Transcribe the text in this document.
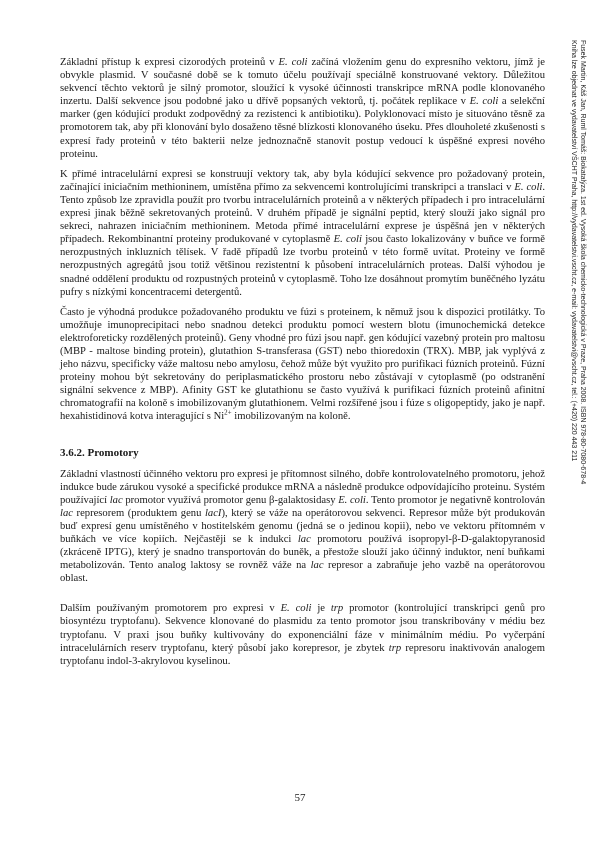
Základní přístup k expresi cizorodých proteinů v E. coli začíná vložením genu do expresního vektoru, jímž je obvykle plasmid. V současné době se k tomuto účelu používají speciálně konstruované vektory. Důležitou sekvencí těchto vektorů je silný promotor, sloužící k vysoké účinnosti transkripce mRNA podle klonovaného inzertu. Další sekvence jsou podobné jako u dřívě popsaných vektorů, tj. počátek replikace v E. coli a selekční marker (gen kódující produkt zodpovědný za rezistenci k antibiotiku). Polyklonovací místo je situováno těsně za promotorem tak, aby při klonování bylo dosaženo těsné blízkosti klonovaného úseku. Přes dlouholeté zkušenosti s expresí řady proteinů v této bakterii nelze jednoznačně stanovit postup vedoucí k úspěšné expresi nového proteinu.

K přímé intracelulární expresi se konstruují vektory tak, aby byla kódující sekvence pro požadovaný protein, začínající iniciačním methioninem, umístěna přímo za sekvencemi kontrolujícími transkripci a translaci v E. coli. Tento způsob lze zpravidla použít pro tvorbu intracelulárních proteinů a v některých případech i pro intracelulární expresi jinak běžně sekretovaných proteinů. V druhém případě je signální peptid, který slouží jako signál pro sekreci, nahrazen iniciačním methioninem. Metoda přímé intracelulární exprese je úspěšná jen v některých případech. Rekombinantní proteiny produkované v cytoplasmě E. coli jsou často lokalizovány v buňce ve formě nerozpustných inkluzních tělísek. V řadě případů lze tvorbu proteinů v této formě uvítat. Proteiny ve formě nerozpustných agregátů jsou totiž většinou rezistentní k působení intracelulárních proteas. Další výhodou je snadné oddělení produktu od rozpustných proteinů v cytoplasmě. Toho lze dosáhnout promytím buněčného lyzátu pufry s nízkými koncentracemi detergentů.

Často je výhodná produkce požadovaného produktu ve fúzi s proteinem, k němuž jsou k dispozici protilátky. To umožňuje imunoprecipitaci nebo snadnou detekci produktu pomocí western blotu (imunochemická detekce elektroforeticky rozdělených proteinů). Geny vhodné pro fúzi jsou např. gen kódující vazebný protein pro maltosu (MBP - maltose binding protein), glutathion S-transferasa (GST) nebo thioredoxin (TRX). MBP, jak vyplývá z jeho názvu, specificky váže maltosu nebo amylosu, čehož může být využito pro purifikaci fúzních proteinů. Fúzní proteiny mohou být sekretovány do periplasmatického prostoru nebo zůstávají v cytoplasmě (po odstranění signální sekvence z MBP). Afinity GST ke glutathionu se často využívá k purifikaci fúzních proteinů afinitní chromatografií na koloně s imobilizovaným glutathionem. Velmi rozšířené jsou i fúze s oligopeptidy, jako je např. hexahistidinová kotva interagující s $Ni^{2+}$ imobilizovaným na koloně.

3.6.2. Promotory

Základní vlastností účinného vektoru pro expresi je přítomnost silného, dobře kontrolovatelného promotoru, jehož indukce bude zárukou vysoké a specifické produkce mRNA a následně produkce odpovídajícího proteinu. Systém používající lac promotor využívá promotor genu β-galaktosidasy E. coli. Tento promotor je negativně kontrolován lac represorem (produktem genu lacI), který se váže na operátorovou sekvenci. Represor může být produkován buď expresí genu umístěného v hostitelském genomu (jedná se o jedinou kopii), nebo ve vektoru přítomném v buňkách ve více kopiích. Nejčastěji se k indukci lac promotoru používá isopropyl-β-D-galaktopyranosid (zkráceně IPTG), který je snadno transportován do buněk, a přestože slouží jako účinný induktor, není buňkami metabolizován. Tento analog laktosy se rovněž váže na lac represor a zabraňuje jeho vazbě na operátorovou oblast.

Dalším používaným promotorem pro expresi v E. coli je trp promotor (kontrolující transkripci genů pro biosyntézu tryptofanu). Sekvence klonované do plasmidu za tento promotor jsou transkribovány v médiu bez tryptofanu. V praxi jsou buňky kultivovány do exponenciální fáze v minimálním médiu. Po vyčerpání intracelulárních reserv tryptofanu, který působí jako korepresor, je zbytek trp represoru inaktivován analogem tryptofanu indol-3-akrylovou kyselinou.

Fusek Martin, Káš Jan, Ruml Tomáš: Biokatalýza. 1st ed. Vysoká škola chemicko-technologická v Praze, Praha 2008. ISBN 978-80-7080-678-4
Kniha lze objednat ve vydavatelství VŠCHT Praha, http://vydavatelstvi.vscht.cz, e-mail: vydavatelstvi@vscht.cz, tel.: (+420) 220 443 211
57
